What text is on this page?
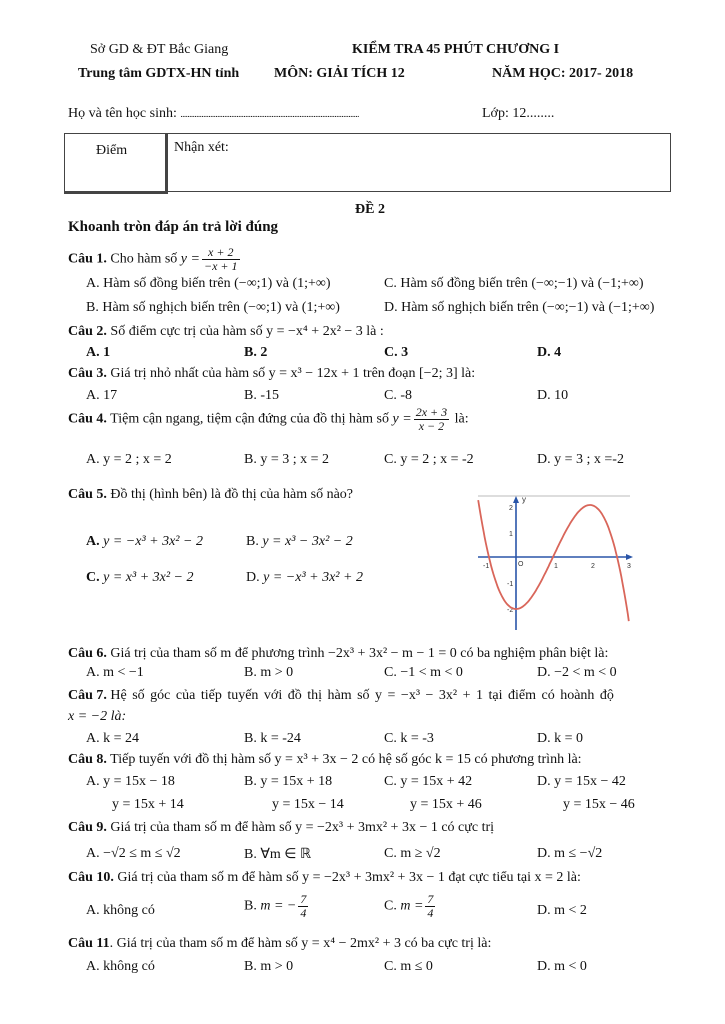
Sở GD & ĐT Bắc Giang	KIỂM TRA 45 PHÚT CHƯƠNG I
Trung tâm GDTX-HN tỉnh MÔN: GIẢI TÍCH 12	NĂM HỌC: 2017- 2018
Họ và tên học sinh: ......................................................................................................	Lớp: 12........
Điểm	Nhận xét:
ĐỀ 2
Khoanh tròn đáp án trả lời đúng
Câu 1. Cho hàm số $y = \frac{x + 2}{-x + 1}$
A. Hàm số đồng biến trên (−∞;1) và (1;+∞)	C. Hàm số đồng biến trên (−∞;−1) và (−1;+∞)
B. Hàm số nghịch biến trên (−∞;1) và (1;+∞)	D. Hàm số nghịch biến trên (−∞;−1) và (−1;+∞)
Câu 2. Số điểm cực trị của hàm số y = −x⁴ + 2x² − 3 là :
A. 1	B. 2	C. 3	D. 4
Câu 3. Giá trị nhỏ nhất của hàm số y = x³ − 12x + 1 trên đoạn [−2; 3] là:
A. 17	B. -15	C. -8	D. 10
Câu 4. Tiệm cận ngang, tiệm cận đứng của đồ thị hàm số $y = \frac{2x + 3}{x - 2}$ là:
A. y = 2 ; x = 2	B. y = 3 ; x = 2	C. y = 2 ; x = -2	D. y = 3 ; x =-2
Câu 5. Đồ thị (hình bên) là đồ thị của hàm số nào?
A. y = −x³ + 3x² − 2	B. y = x³ − 3x² − 2
C. y = x³ + 3x² − 2	D. y = −x³ + 3x² + 2
y
-1	1	2	3
2
1
-1
-2
O
Câu 6. Giá trị của tham số m để phương trình −2x³ + 3x² − m − 1 = 0 có ba nghiệm phân biệt là:
A. m < −1	B. m > 0	C. −1 < m < 0	D. −2 < m < 0
Câu 7. Hệ số góc của tiếp tuyến với đồ thị hàm số y = −x³ − 3x² + 1 tại điểm có hoành độ
x = −2 là:
A. k = 24	B. k = -24	C. k = -3	D. k = 0
Câu 8. Tiếp tuyến với đồ thị hàm số y = x³ + 3x − 2 có hệ số góc k = 15 có phương trình là:
A. y = 15x − 18	B. y = 15x + 18	C. y = 15x + 42	D. y = 15x − 42
y = 15x + 14	y = 15x − 14	y = 15x + 46	y = 15x − 46
Câu 9. Giá trị của tham số m để hàm số y = −2x³ + 3mx² + 3x − 1 có cực trị
A. −√2 ≤ m ≤ √2	B. ∀m ∈ ℝ	C. m ≥ √2	D. m ≤ −√2
Câu 10. Giá trị của tham số m để hàm số y = −2x³ + 3mx² + 3x − 1 đạt cực tiểu tại x = 2 là:
A. không có	B. m = − $\frac{7}{4}$	C. $m = \frac{7}{4}$	D. m < 2
Câu 11. Giá trị của tham số m để hàm số y = x⁴ − 2mx² + 3 có ba cực trị là:
A. không có	B. m > 0	C. m ≤ 0	D. m < 0
